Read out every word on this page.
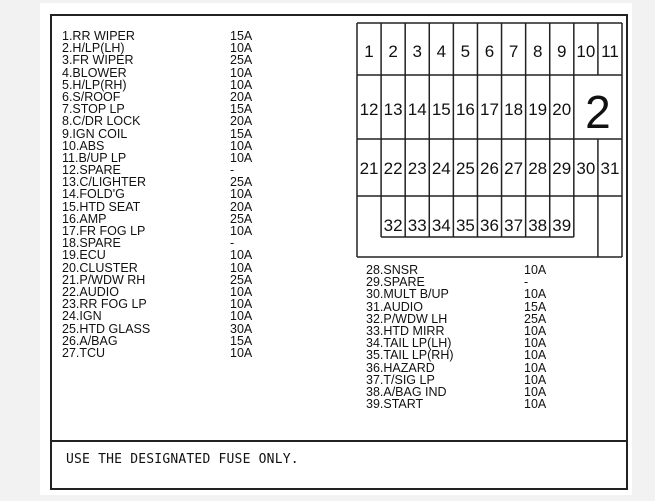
1.RR WIPER	15A
2.H/LP(LH)	10A
3.FR WIPER	25A
4.BLOWER	10A
5.H/LP(RH)	10A
6.S/ROOF	20A
7.STOP LP	15A
8.C/DR LOCK	20A
9.IGN COIL	15A
10.ABS	10A
11.B/UP LP	10A
12.SPARE	-
13.C/LIGHTER	25A
14.FOLD'G	10A
15.HTD SEAT	20A
16.AMP	25A
17.FR FOG LP	10A
18.SPARE	-
19.ECU	10A
20.CLUSTER	10A
21.P/WDW RH	25A
22.AUDIO	10A
23.RR FOG LP	10A
24.IGN	10A
25.HTD GLASS	30A
26.A/BAG	15A
27.TCU	10A
28.SNSR	10A
29.SPARE	-
30.MULT B/UP	10A
31.AUDIO	15A
32.P/WDW LH	25A
33.HTD MIRR	10A
34.TAIL LP(LH)	10A
35.TAIL LP(RH)	10A
36.HAZARD	10A
37.T/SIG LP	10A
38.A/BAG IND	10A
39.START	10A
1 2 3 4 5 6 7 8 9 10 11
12 13 14 15 16 17 18 19 20 2
21 22 23 24 25 26 27 28 29 30 31
32 33 34 35 36 37 38 39
USE THE DESIGNATED FUSE ONLY.
